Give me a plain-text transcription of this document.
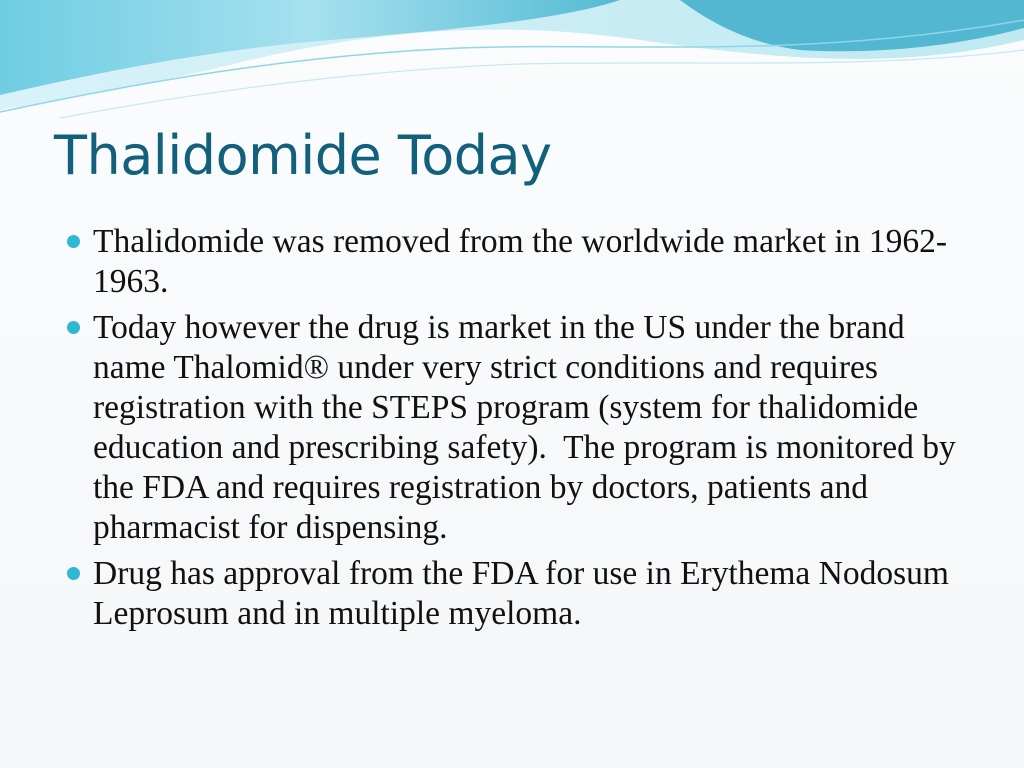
Thalidomide Today
Thalidomide was removed from the worldwide market in 1962-1963.
Today however the drug is market in the US under the brand name Thalomid® under very strict conditions and requires registration with the STEPS program (system for thalidomide education and prescribing safety).  The program is monitored by the FDA and requires registration by doctors, patients and pharmacist for dispensing.
Drug has approval from the FDA for use in Erythema Nodosum Leprosum and in multiple myeloma.
